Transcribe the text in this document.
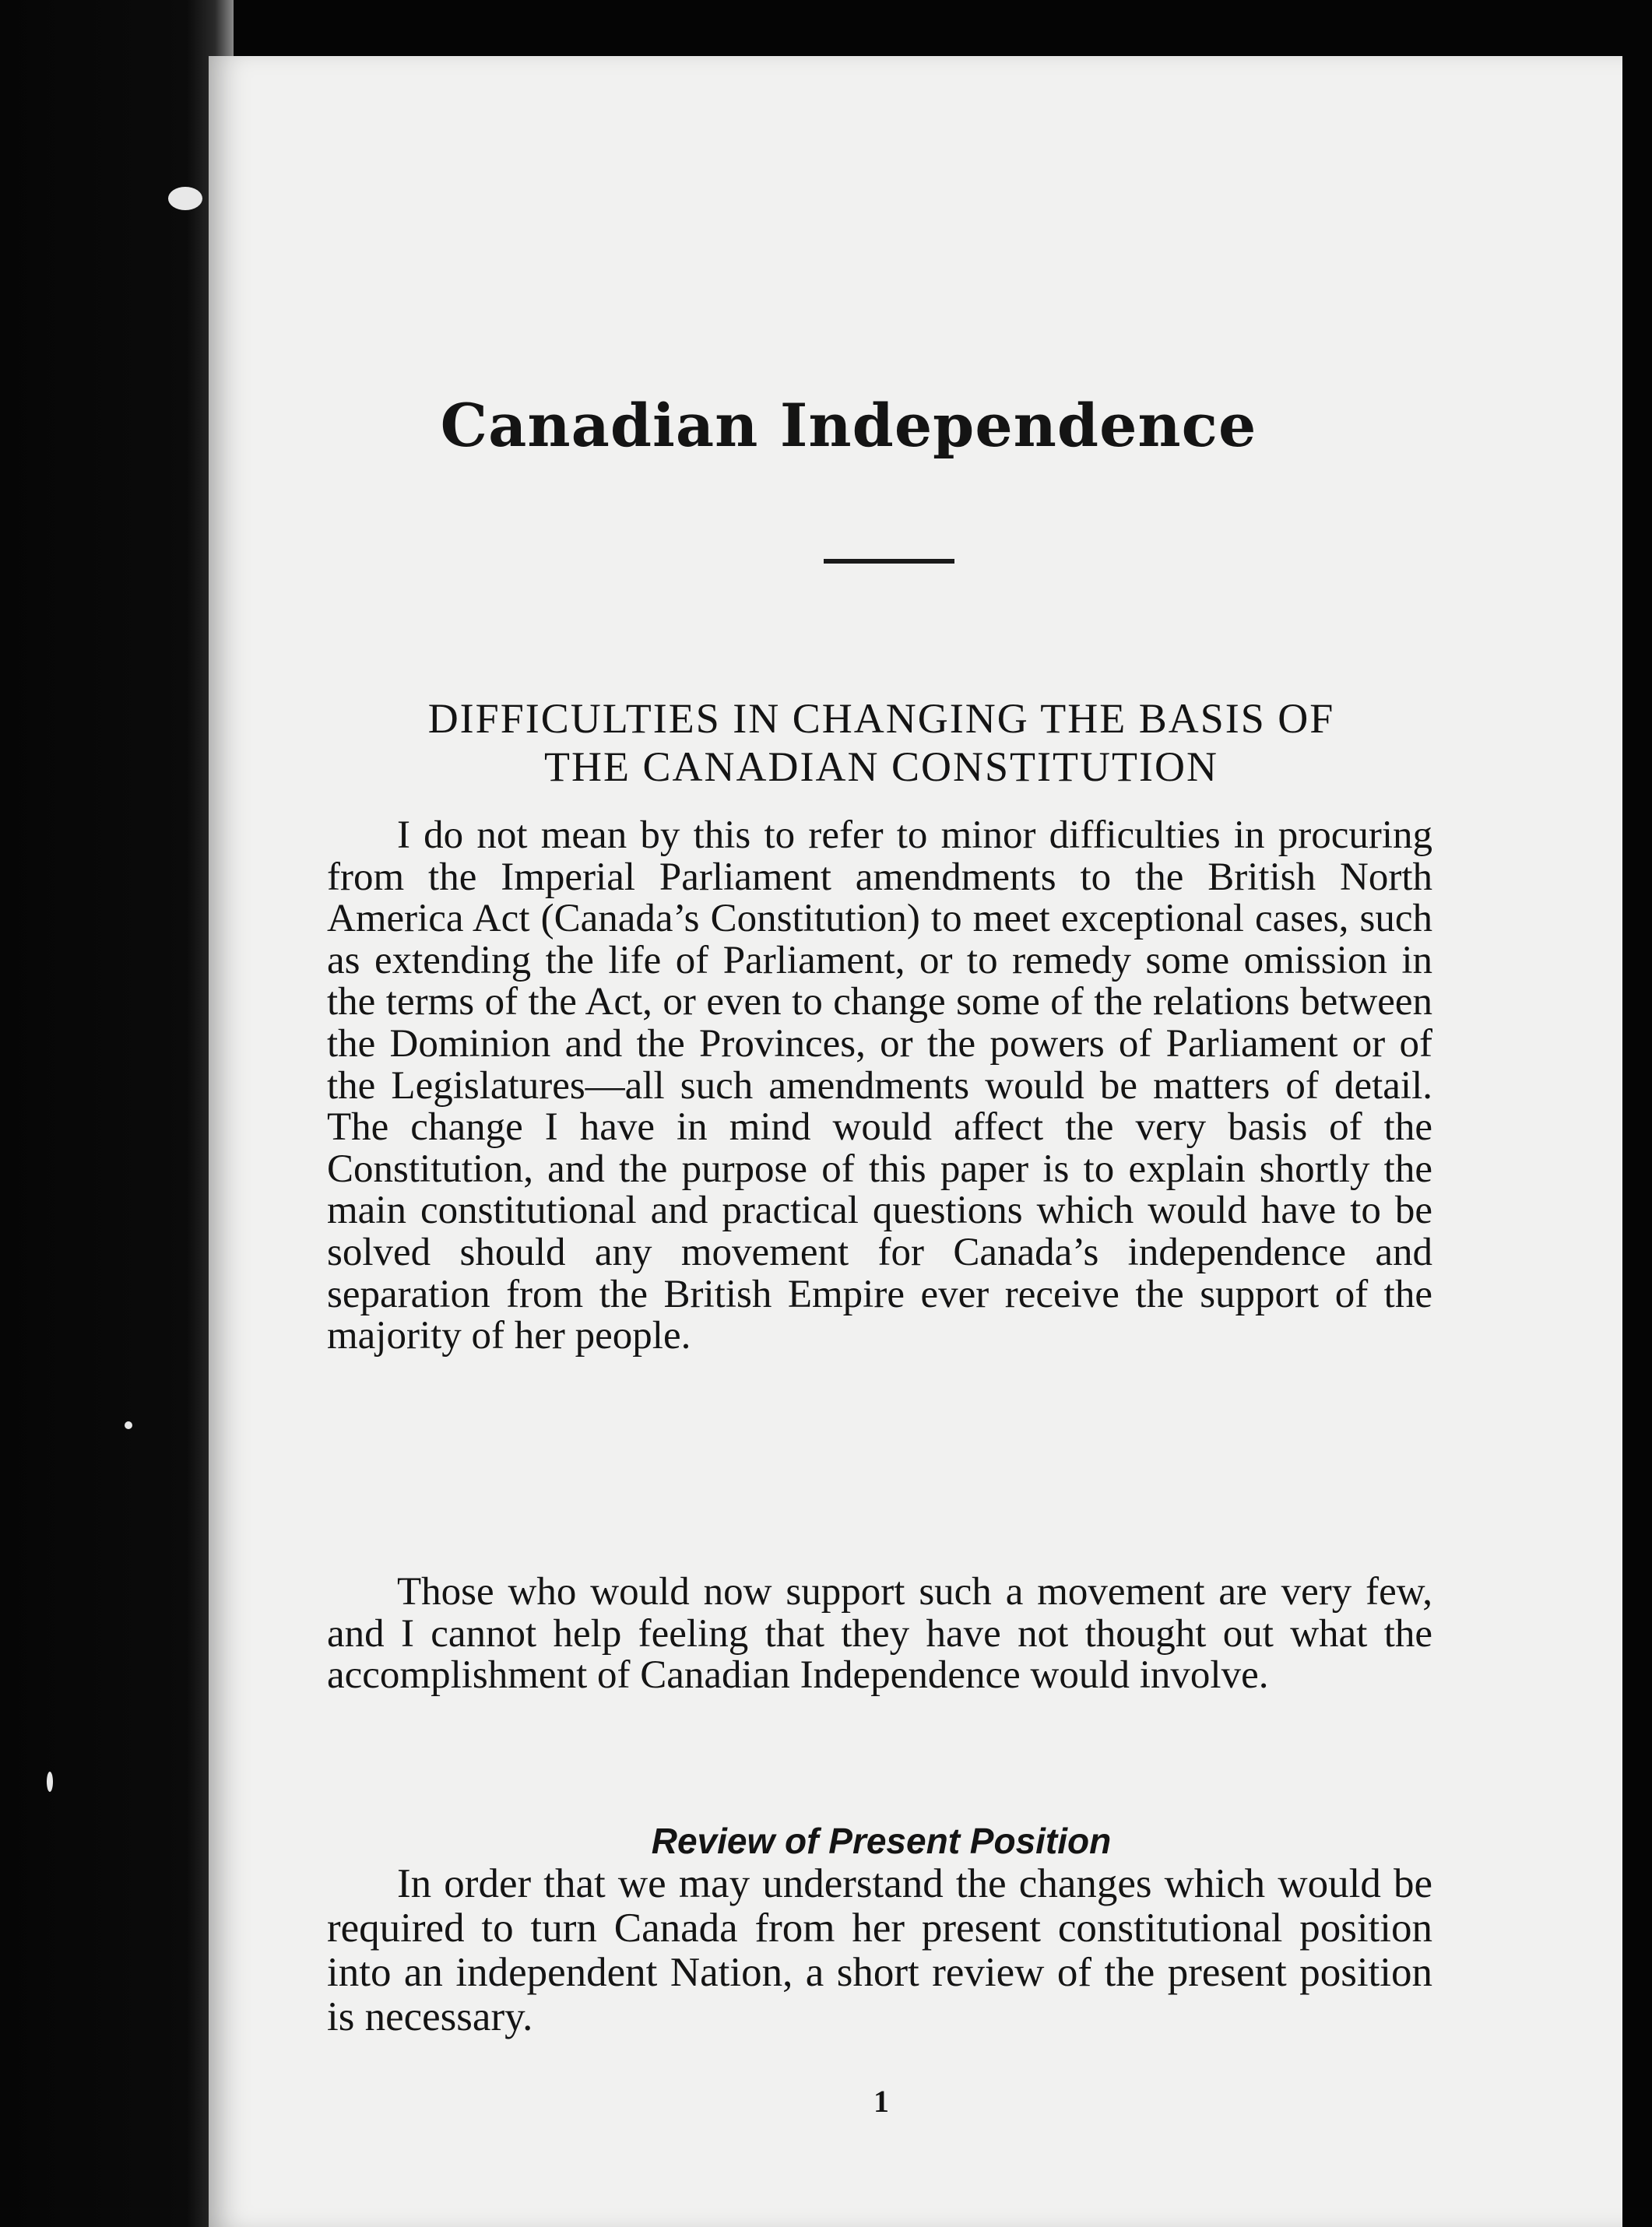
Canadian Independence
DIFFICULTIES IN CHANGING THE BASIS OF
THE CANADIAN CONSTITUTION

I do not mean by this to refer to minor difficulties in procuring from the Imperial Parliament amendments to the British North America Act (Canada’s Constitution) to meet exceptional cases, such as extending the life of Parliament, or to remedy some omission in the terms of the Act, or even to change some of the relations between the Dominion and the Provinces, or the powers of Parliament or of the Legislatures—all such amendments would be matters of detail. The change I have in mind would affect the very basis of the Constitution, and the purpose of this paper is to explain shortly the main constitutional and practical questions which would have to be solved should any movement for Canada’s independence and separation from the British Empire ever receive the support of the majority of her people.

Those who would now support such a movement are very few, and I cannot help feeling that they have not thought out what the accomplishment of Canadian Independence would involve.

Review of Present Position

In order that we may understand the changes which would be required to turn Canada from her present constitutional position into an independent Nation, a short review of the present position is necessary.

1
